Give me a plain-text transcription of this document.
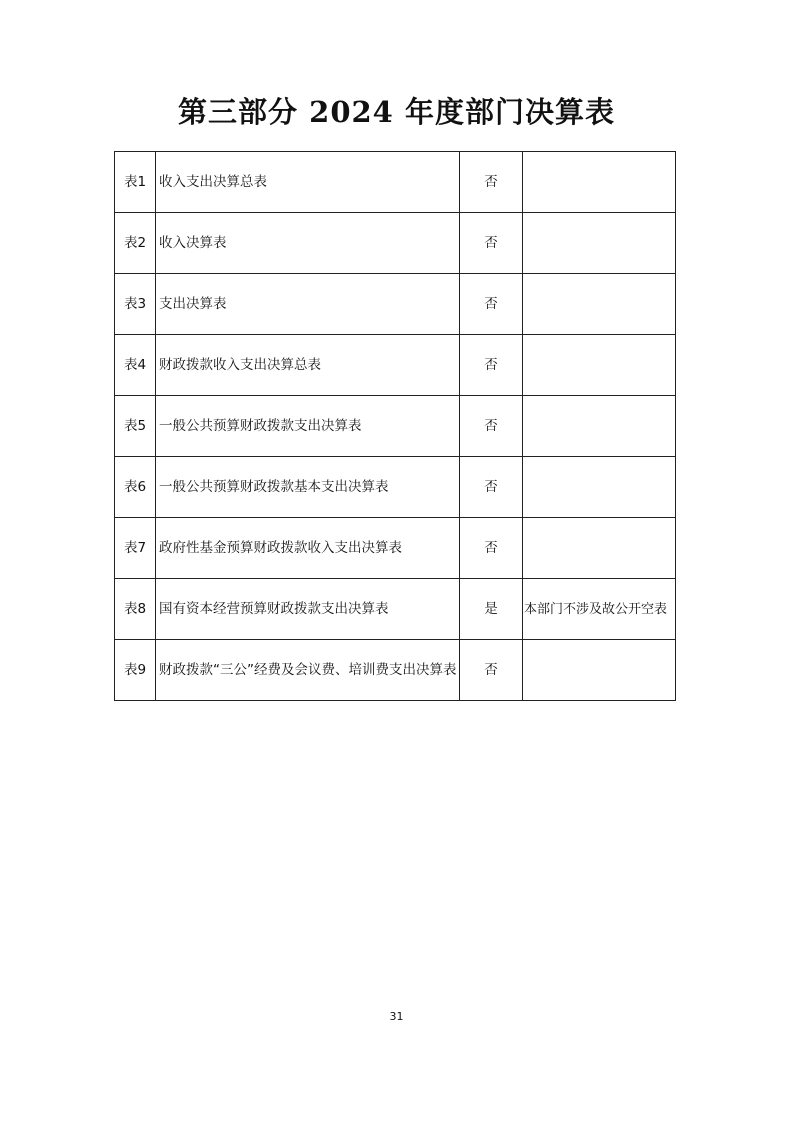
第三部分 2024 年度部门决算表
表1	收入支出决算总表	否	
表2	收入决算表	否	
表3	支出决算表	否	
表4	财政拨款收入支出决算总表	否	
表5	一般公共预算财政拨款支出决算表	否	
表6	一般公共预算财政拨款基本支出决算表	否	
表7	政府性基金预算财政拨款收入支出决算表	否	
表8	国有资本经营预算财政拨款支出决算表	是	本部门不涉及故公开空表
表9	财政拨款“三公”经费及会议费、培训费支出决算表	否	
31
